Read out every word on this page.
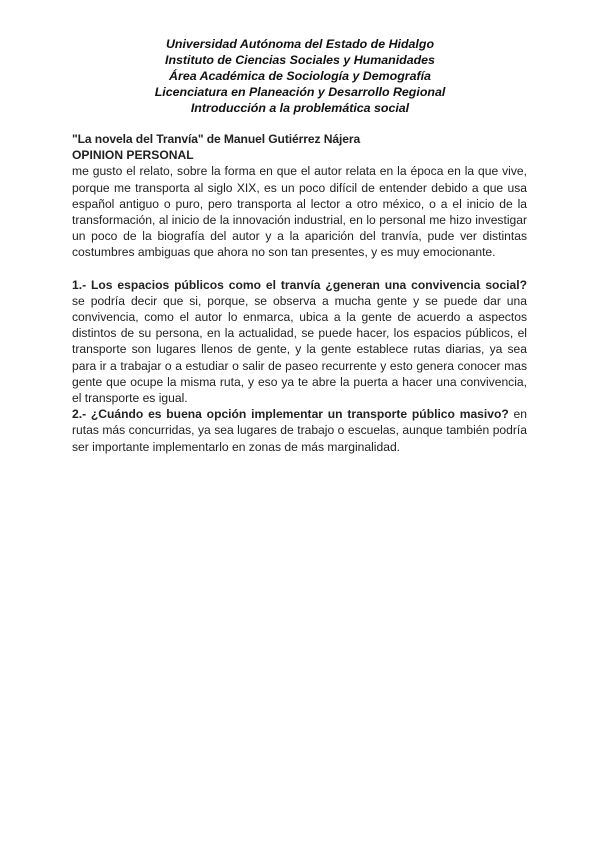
Universidad Autónoma del Estado de Hidalgo
Instituto de Ciencias Sociales y Humanidades
Área Académica de Sociología y Demografía
Licenciatura en Planeación y Desarrollo Regional
Introducción a la problemática social
"La novela del Tranvía" de Manuel Gutiérrez Nájera
OPINION PERSONAL

me gusto el relato, sobre la forma en que el autor relata en la época en la que vive, porque me transporta al siglo XIX, es un poco difícil de entender debido a que usa español antiguo o puro, pero transporta al lector a otro méxico, o a el inicio de la transformación, al inicio de la innovación industrial, en lo personal me hizo investigar un poco de la biografía del autor y a la aparición del tranvía, pude ver distintas costumbres ambiguas que ahora no son tan presentes, y es muy emocionante.

1.- Los espacios públicos como el tranvía ¿generan una convivencia social? se podría decir que si, porque, se observa a mucha gente y se puede dar una convivencia, como el autor lo enmarca, ubica a la gente de acuerdo a aspectos distintos de su persona, en la actualidad, se puede hacer, los espacios públicos, el transporte son lugares llenos de gente, y la gente establece rutas diarias, ya sea para ir a trabajar o a estudiar o salir de paseo recurrente y esto genera conocer mas gente que ocupe la misma ruta, y eso ya te abre la puerta a hacer una convivencia, el transporte es igual.

2.- ¿Cuándo es buena opción implementar un transporte público masivo? en rutas más concurridas, ya sea lugares de trabajo o escuelas, aunque también podría ser importante implementarlo en zonas de más marginalidad.
